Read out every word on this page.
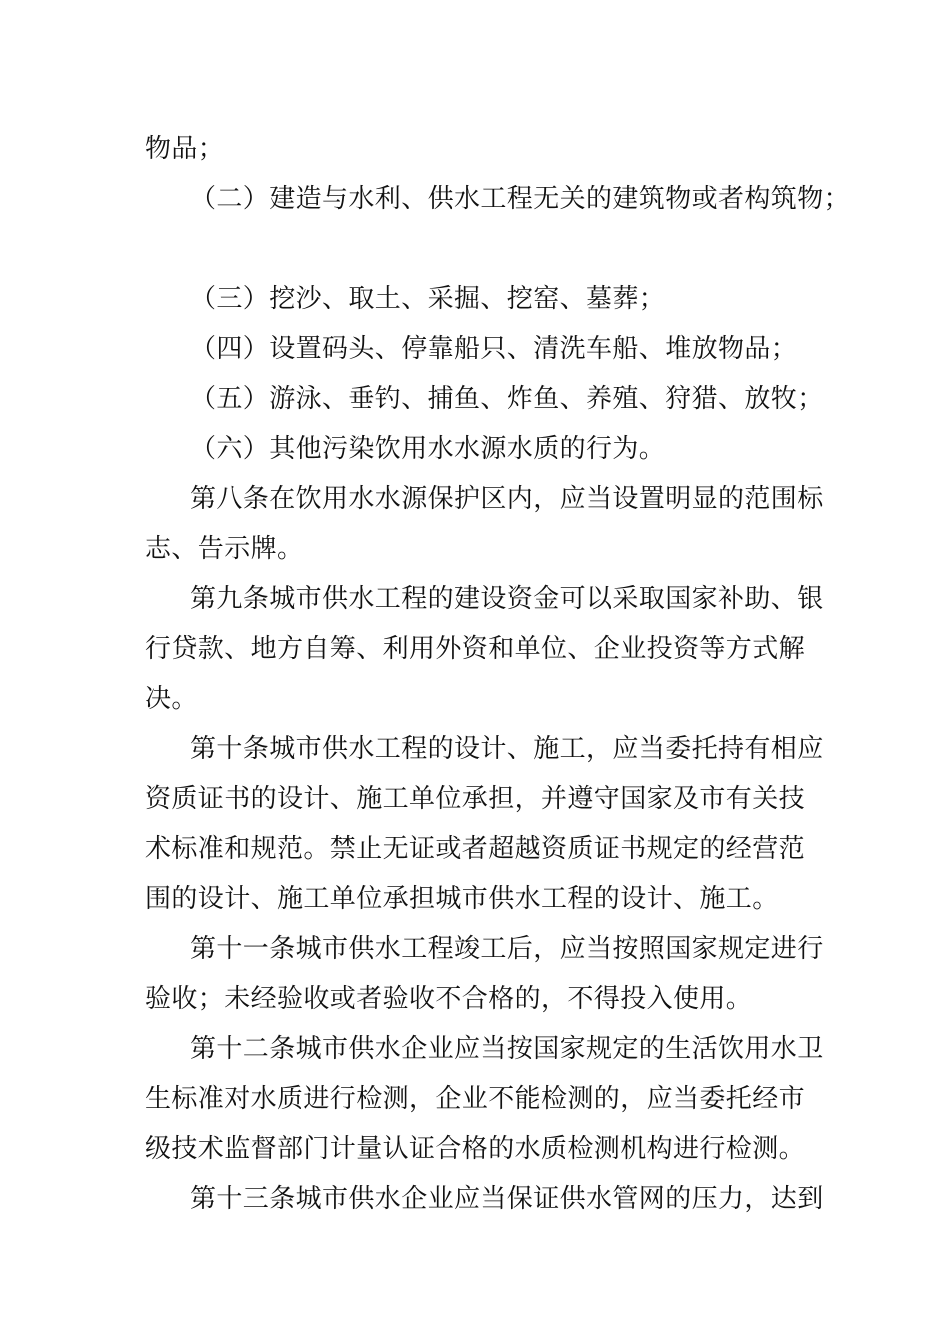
物品；
（二）建造与水利、供水工程无关的建筑物或者构筑物；
（三）挖沙、取土、采掘、挖窑、墓葬；
（四）设置码头、停靠船只、清洗车船、堆放物品；
（五）游泳、垂钓、捕鱼、炸鱼、养殖、狩猎、放牧；
（六）其他污染饮用水水源水质的行为。
第八条在饮用水水源保护区内，应当设置明显的范围标
志、告示牌。
第九条城市供水工程的建设资金可以采取国家补助、银
行贷款、地方自筹、利用外资和单位、企业投资等方式解
决。
第十条城市供水工程的设计、施工，应当委托持有相应
资质证书的设计、施工单位承担，并遵守国家及市有关技
术标准和规范。禁止无证或者超越资质证书规定的经营范
围的设计、施工单位承担城市供水工程的设计、施工。
第十一条城市供水工程竣工后，应当按照国家规定进行
验收；未经验收或者验收不合格的，不得投入使用。
第十二条城市供水企业应当按国家规定的生活饮用水卫
生标准对水质进行检测，企业不能检测的，应当委托经市
级技术监督部门计量认证合格的水质检测机构进行检测。
第十三条城市供水企业应当保证供水管网的压力，达到
